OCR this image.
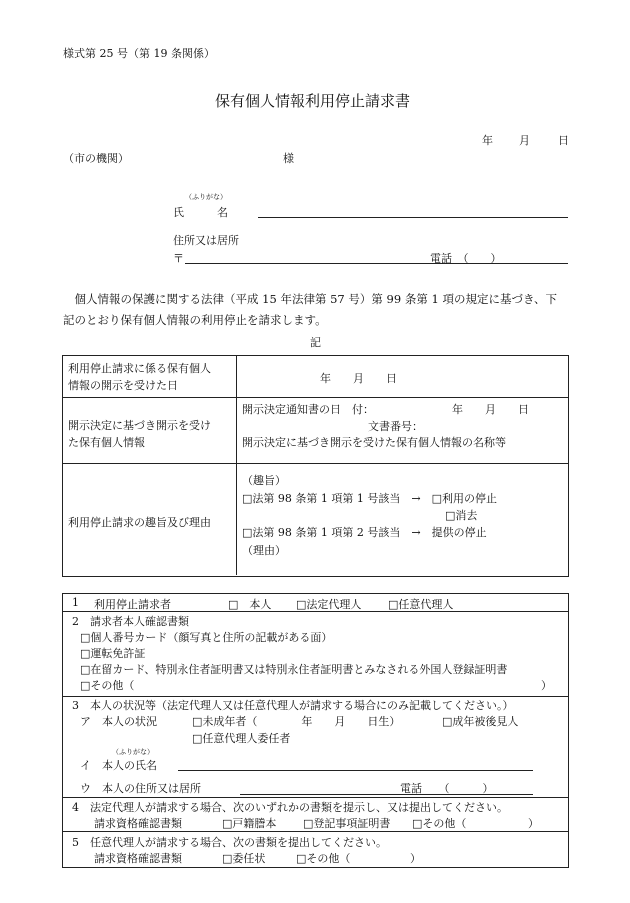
様式第 25 号（第 19 条関係）
保有個人情報利用停止請求書
年 月	日
（市の機関）	様
（ふりがな）
氏　　　名
住所又は居所
〒	電話　（　　）
　個人情報の保護に関する法律（平成 15 年法律第 57 号）第 99 条第 1 項の規定に基づき、下
記のとおり保有個人情報の利用停止を請求します。
記
利用停止請求に係る保有個人
情報の開示を受けた日
年　　月　　日
開示決定に基づき開示を受け
た保有個人情報
開示決定通知書の日　付：	年　　月　　日
文書番号：
開示決定に基づき開示を受けた保有個人情報の名称等
利用停止請求の趣旨及び理由
（趣旨）
□法第 98 条第 1 項第 1 号該当　→　□利用の停止
□消去
□法第 98 条第 1 項第 2 号該当　→　提供の停止
（理由）
1 利用停止請求者	□　本人 □法定代理人 □任意代理人
2　請求者本人確認書類
□個人番号カード（顔写真と住所の記載がある面）
□運転免許証
□在留カード、特別永住者証明書又は特別永住者証明書とみなされる外国人登録証明書
□その他（	）
3　本人の状況等（法定代理人又は任意代理人が請求する場合にのみ記載してください。）
ア　本人の状況	□未成年者（　　　　年　　月　　日生）	□成年被後見人
□任意代理人委任者
（ふりがな）
イ　本人の氏名
ウ　本人の住所又は居所	電話　　（　　　）
4　法定代理人が請求する場合、次のいずれかの書類を提示し、又は提出してください。
請求資格確認書類	□戸籍謄本 □登記事項証明書 □その他（	）
5　任意代理人が請求する場合、次の書類を提出してください。
請求資格確認書類	□委任状	□その他（	）
